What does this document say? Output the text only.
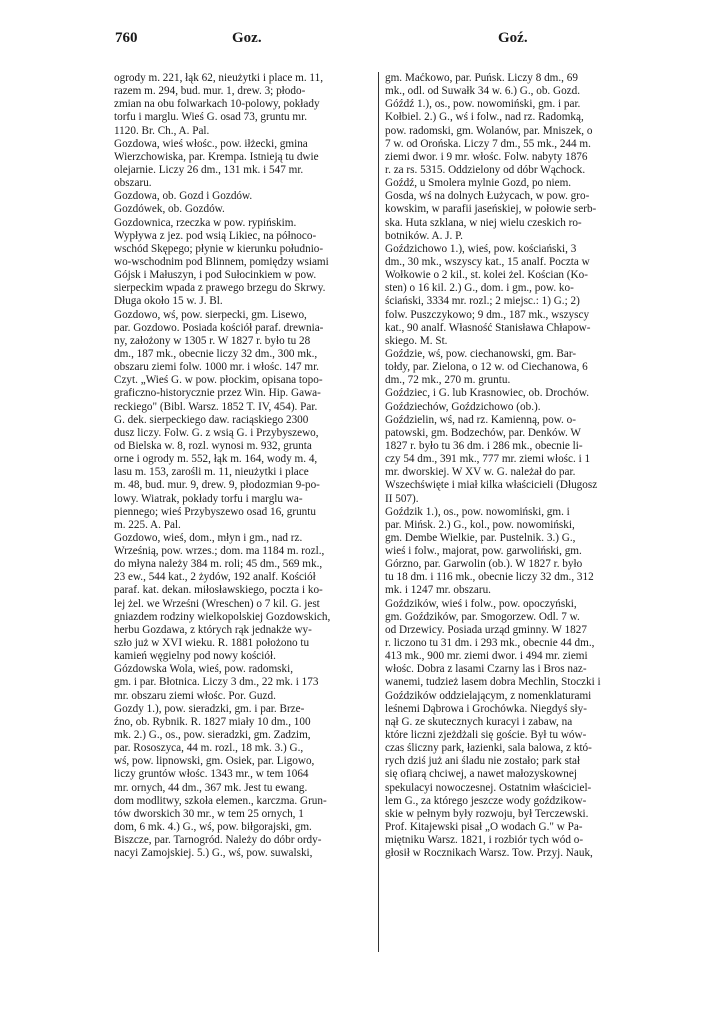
760	Goz.	Goź.
ogrody m. 221, łąk 62, nieużytki i place m. 11,
razem m. 294, bud. mur. 1, drew. 3; płodo-
zmian na obu folwarkach 10-polowy, pokłady
torfu i marglu. Wieś G. osad 73, gruntu mr.
1120. Br. Ch., A. Pal.
Gozdowa, wieś włośc., pow. iłżecki, gmina
Wierzchowiska, par. Krempa. Istnieją tu dwie
olejarnie. Liczy 26 dm., 131 mk. i 547 mr.
obszaru.
Gozdowa, ob. Gozd i Gozdów.
Gozdówek, ob. Gozdów.
Gozdownica, rzeczka w pow. rypińskim.
Wypływa z jez. pod wsią Likiec, na północo-
wschód Skępego; płynie w kierunku południo-
wo-wschodnim pod Blinnem, pomiędzy wsiami
Gójsk i Małuszyn, i pod Sułocinkiem w pow.
sierpeckim wpada z prawego brzegu do Skrwy.
Długa około 15 w. J. Bl.
Gozdowo, wś, pow. sierpecki, gm. Lisewo,
par. Gozdowo. Posiada kościół paraf. drewnia-
ny, założony w 1305 r. W 1827 r. było tu 28
dm., 187 mk., obecnie liczy 32 dm., 300 mk.,
obszaru ziemi folw. 1000 mr. i włośc. 147 mr.
Czyt. „Wieś G. w pow. płockim, opisana topo-
graficzno-historycznie przez Win. Hip. Gawa-
reckiego" (Bibl. Warsz. 1852 T. IV, 454). Par.
G. dek. sierpeckiego daw. raciąskiego 2300
dusz liczy. Folw. G. z wsią G. i Przybyszewo,
od Bielska w. 8, rozl. wynosi m. 932, grunta
orne i ogrody m. 552, łąk m. 164, wody m. 4,
lasu m. 153, zarośli m. 11, nieużytki i place
m. 48, bud. mur. 9, drew. 9, płodozmian 9-po-
lowy. Wiatrak, pokłady torfu i marglu wa-
piennego; wieś Przybyszewo osad 16, gruntu
m. 225. A. Pal.
Gozdowo, wieś, dom., młyn i gm., nad rz.
Wrześnią, pow. wrzes.; dom. ma 1184 m. rozl.,
do młyna należy 384 m. roli; 45 dm., 569 mk.,
23 ew., 544 kat., 2 żydów, 192 analf. Kościół
paraf. kat. dekan. miłosławskiego, poczta i ko-
lej żel. we Wrześni (Wreschen) o 7 kil. G. jest
gniazdem rodziny wielkopolskiej Gozdowskich,
herbu Gozdawa, z których rąk jednakże wy-
szło już w XVI wieku. R. 1881 położono tu
kamień węgielny pod nowy kościół.
Gózdowska Wola, wieś, pow. radomski,
gm. i par. Błotnica. Liczy 3 dm., 22 mk. i 173
mr. obszaru ziemi włośc. Por. Guzd.
Gozdy 1.), pow. sieradzki, gm. i par. Brze-
źno, ob. Rybnik. R. 1827 miały 10 dm., 100
mk. 2.) G., os., pow. sieradzki, gm. Zadzim,
par. Rososzyca, 44 m. rozl., 18 mk. 3.) G.,
wś, pow. lipnowski, gm. Osiek, par. Ligowo,
liczy gruntów włośc. 1343 mr., w tem 1064
mr. ornych, 44 dm., 367 mk. Jest tu ewang.
dom modlitwy, szkoła elemen., karczma. Grun-
tów dworskich 30 mr., w tem 25 ornych, 1
dom, 6 mk. 4.) G., wś, pow. biłgorajski, gm.
Biszcze, par. Tarnogród. Należy do dóbr ordy-
nacyi Zamojskiej. 5.) G., wś, pow. suwalski,
gm. Maćkowo, par. Puńsk. Liczy 8 dm., 69
mk., odl. od Suwałk 34 w. 6.) G., ob. Gozd.
Góźdź 1.), os., pow. nowomiński, gm. i par.
Kołbiel. 2.) G., wś i folw., nad rz. Radomką,
pow. radomski, gm. Wolanów, par. Mniszek, o
7 w. od Orońska. Liczy 7 dm., 55 mk., 244 m.
ziemi dwor. i 9 mr. włośc. Folw. nabyty 1876
r. za rs. 5315. Oddzielony od dóbr Wąchock.
Goźdź, u Smolera mylnie Gozd, po niem.
Gosda, wś na dolnych Łużycach, w pow. gro-
kowskim, w parafii jaseńskiej, w połowie serb-
ska. Huta szklana, w niej wielu czeskich ro-
botników. A. J. P.
Goździchowo 1.), wieś, pow. kościański, 3
dm., 30 mk., wszyscy kat., 15 analf. Poczta w
Wołkowie o 2 kil., st. kolei żel. Kościan (Ko-
sten) o 16 kil. 2.) G., dom. i gm., pow. ko-
ściański, 3334 mr. rozl.; 2 miejsc.: 1) G.; 2)
folw. Puszczykowo; 9 dm., 187 mk., wszyscy
kat., 90 analf. Własność Stanisława Chłapow-
skiego. M. St.
Goździe, wś, pow. ciechanowski, gm. Bar-
tołdy, par. Zielona, o 12 w. od Ciechanowa, 6
dm., 72 mk., 270 m. gruntu.
Goździec, i G. lub Krasnowiec, ob. Drochów.
Goździechów, Goździchowo (ob.).
Goździelin, wś, nad rz. Kamienną, pow. o-
patowski, gm. Bodzechów, par. Denków. W
1827 r. było tu 36 dm. i 286 mk., obecnie li-
czy 54 dm., 391 mk., 777 mr. ziemi włośc. i 1
mr. dworskiej. W XV w. G. należał do par.
Wszechświęte i miał kilka właścicieli (Długosz
II 507).
Goździk 1.), os., pow. nowomiński, gm. i
par. Mińsk. 2.) G., kol., pow. nowomiński,
gm. Dembe Wielkie, par. Pustelnik. 3.) G.,
wieś i folw., majorat, pow. garwoliński, gm.
Górzno, par. Garwolin (ob.). W 1827 r. było
tu 18 dm. i 116 mk., obecnie liczy 32 dm., 312
mk. i 1247 mr. obszaru.
Goździków, wieś i folw., pow. opoczyński,
gm. Goździków, par. Smogorzew. Odl. 7 w.
od Drzewicy. Posiada urząd gminny. W 1827
r. liczono tu 31 dm. i 293 mk., obecnie 44 dm.,
413 mk., 900 mr. ziemi dwor. i 494 mr. ziemi
włośc. Dobra z lasami Czarny las i Bros naz-
wanemi, tudzież lasem dobra Mechlin, Stoczki i
Goździków oddzielającym, z nomenklaturami
leśnemi Dąbrowa i Grochówka. Niegdyś sły-
nął G. ze skutecznych kuracyi i zabaw, na
które liczni zjeżdżali się goście. Był tu wów-
czas śliczny park, łazienki, sala balowa, z któ-
rych dziś już ani śladu nie zostało; park stał
się ofiarą chciwej, a nawet małozyskownej
spekulacyi nowoczesnej. Ostatnim właściciel-
lem G., za którego jeszcze wody goździkow-
skie w pełnym były rozwoju, był Terczewski.
Prof. Kitajewski pisał „O wodach G." w Pa-
miętniku Warsz. 1821, i rozbiór tych wód o-
głosił w Rocznikach Warsz. Tow. Przyj. Nauk,
